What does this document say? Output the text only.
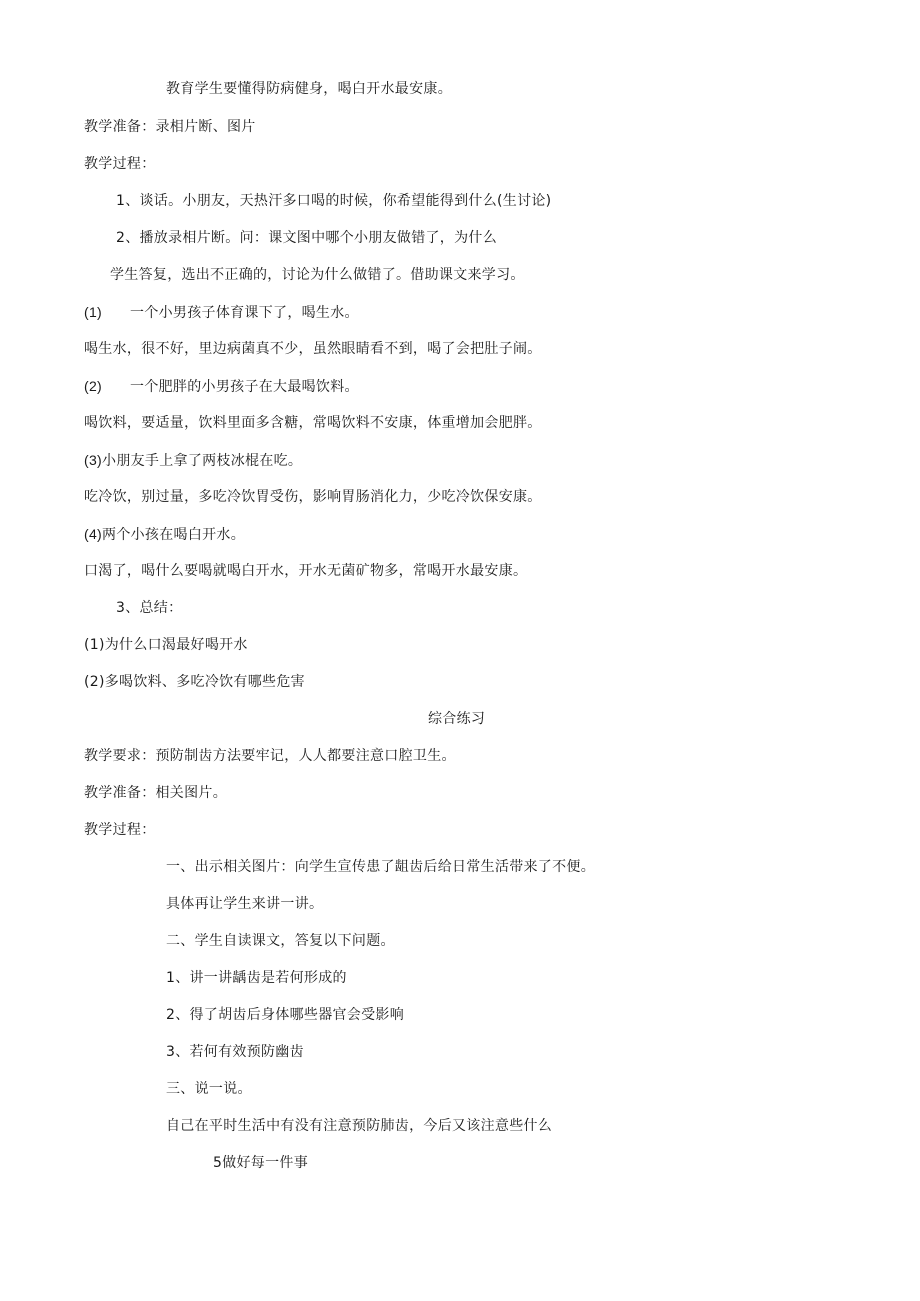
教育学生要懂得防病健身，喝白开水最安康。
教学准备：录相片断、图片
教学过程：
1、谈话。小朋友，天热汗多口喝的时候，你希望能得到什么(生讨论)
2、播放录相片断。问：课文图中哪个小朋友做错了，为什么
学生答复，选出不正确的，讨论为什么做错了。借助课文来学习。
(1) 一个小男孩子体育课下了，喝生水。
喝生水，很不好，里边病菌真不少，虽然眼睛看不到，喝了会把肚子闹。
(2) 一个肥胖的小男孩子在大最喝饮料。
喝饮料，要适量，饮料里面多含糖，常喝饮料不安康，体重增加会肥胖。
(3)小朋友手上拿了两枝冰棍在吃。
吃冷饮，别过量，多吃冷饮胃受伤，影响胃肠消化力，少吃冷饮保安康。
(4)两个小孩在喝白开水。
口渴了，喝什么要喝就喝白开水，开水无菌矿物多，常喝开水最安康。
3、总结：
(1)为什么口渴最好喝开水
(2)多喝饮料、多吃冷饮有哪些危害
综合练习
教学要求：预防制齿方法要牢记，人人都要注意口腔卫生。
教学准备：相关图片。
教学过程：
一、出示相关图片：向学生宣传患了龃齿后给日常生活带来了不便。
具体再让学生来讲一讲。
二、学生自读课文，答复以下问题。
1、讲一讲龋齿是若何形成的
2、得了胡齿后身体哪些器官会受影响
3、若何有效预防幽齿
三、说一说。
自己在平时生活中有没有注意预防肺齿，今后又该注意些什么
5做好每一件事
